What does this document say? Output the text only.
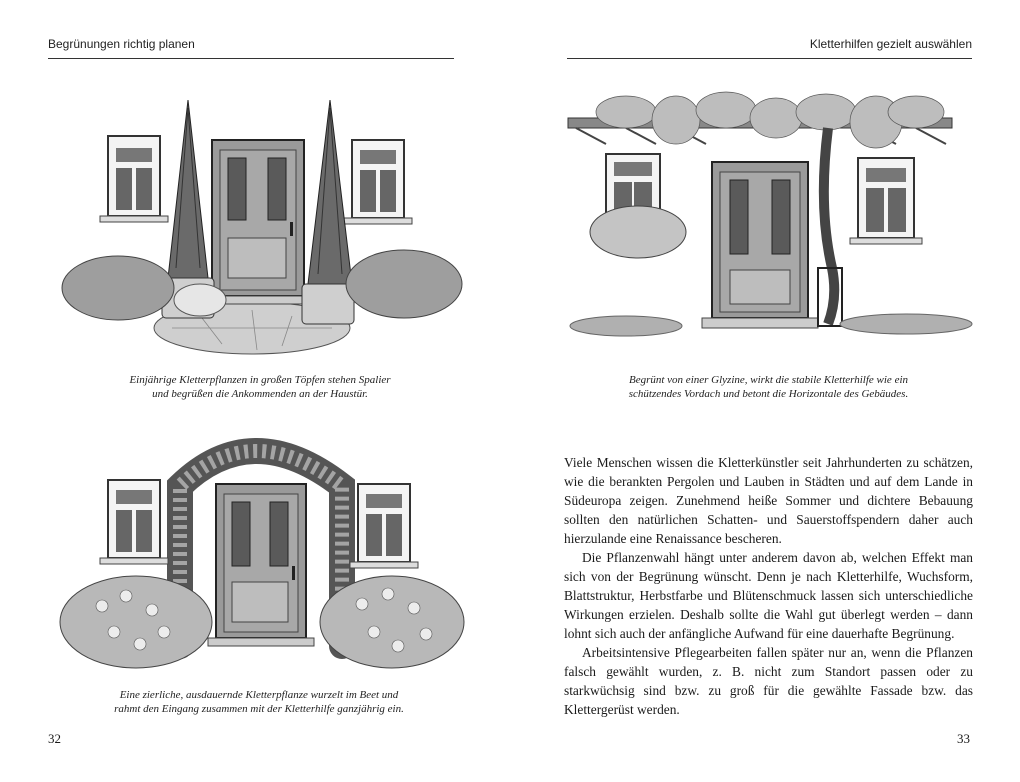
Begrünungen richtig planen
Einjährige Kletterpflanzen in großen Töpfen stehen Spalier
und begrüßen die Ankommenden an der Haustür.
Eine zierliche, ausdauernde Kletterpflanze wurzelt im Beet und
rahmt den Eingang zusammen mit der Kletterhilfe ganzjährig ein.
32
Kletterhilfen gezielt auswählen
Begrünt von einer Glyzine, wirkt die stabile Kletterhilfe wie ein
schützendes Vordach und betont die Horizontale des Gebäudes.

Viele Menschen wissen die Kletterkünstler seit Jahrhunderten zu schätzen, wie die berankten Pergolen und Lauben in Städten und auf dem Lande in Südeuropa zeigen. Zunehmend heiße Sommer und dichtere Bebauung sollten den natürlichen Schatten- und Sauerstoffspendern daher auch hierzulande eine Renaissance bescheren.

Die Pflanzenwahl hängt unter anderem davon ab, welchen Effekt man sich von der Begrünung wünscht. Denn je nach Kletterhilfe, Wuchsform, Blattstruktur, Herbstfarbe und Blütenschmuck lassen sich unterschiedliche Wirkungen erzielen. Deshalb sollte die Wahl gut überlegt werden – dann lohnt sich auch der anfängliche Aufwand für eine dauerhafte Begrünung.

Arbeitsintensive Pflegearbeiten fallen später nur an, wenn die Pflanzen falsch gewählt wurden, z. B. nicht zum Standort passen oder zu starkwüchsig sind bzw. zu groß für die gewählte Fassade bzw. das Klettergerüst werden.

33
